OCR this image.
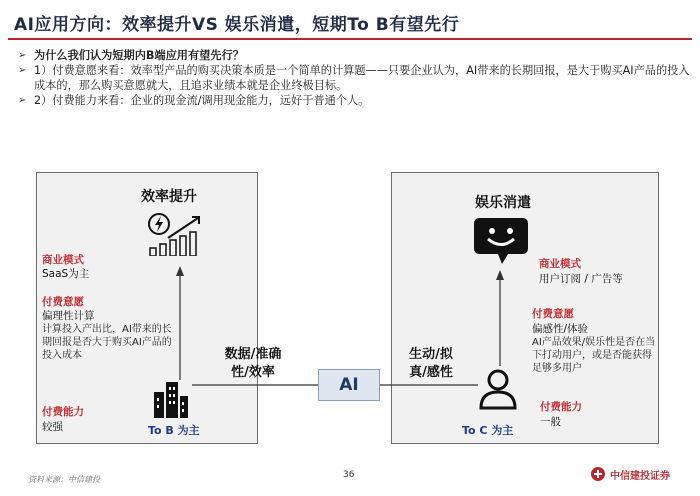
AI应用方向：效率提升VS 娱乐消遣，短期To B有望先行
➢ 为什么我们认为短期内B端应用有望先行？
➢ 1）付费意愿来看：效率型产品的购买决策本质是一个简单的计算题——只要企业认为，AI带来的长期回报，是大于购买AI产品的投入成本的，那么购买意愿就大，且追求业绩本就是企业终极目标。
➢ 2）付费能力来看：企业的现金流/调用现金能力，远好于普通个人。
效率提升
商业模式
SaaS为主
付费意愿
偏理性计算
计算投入产出比，AI带来的长期回报是否大于购买AI产品的投入成本
付费能力
较强	To B 为主
娱乐消遣
商业模式
用户订阅 / 广告等
付费意愿
偏感性/体验
AI产品效果/娱乐性是否在当下打动用户，或是否能获得足够多用户
付费能力
一般
To C 为主
数据/准确
性/效率
生动/拟
真/感性
AI
资料来源：中信建投	36	中信建投证券
